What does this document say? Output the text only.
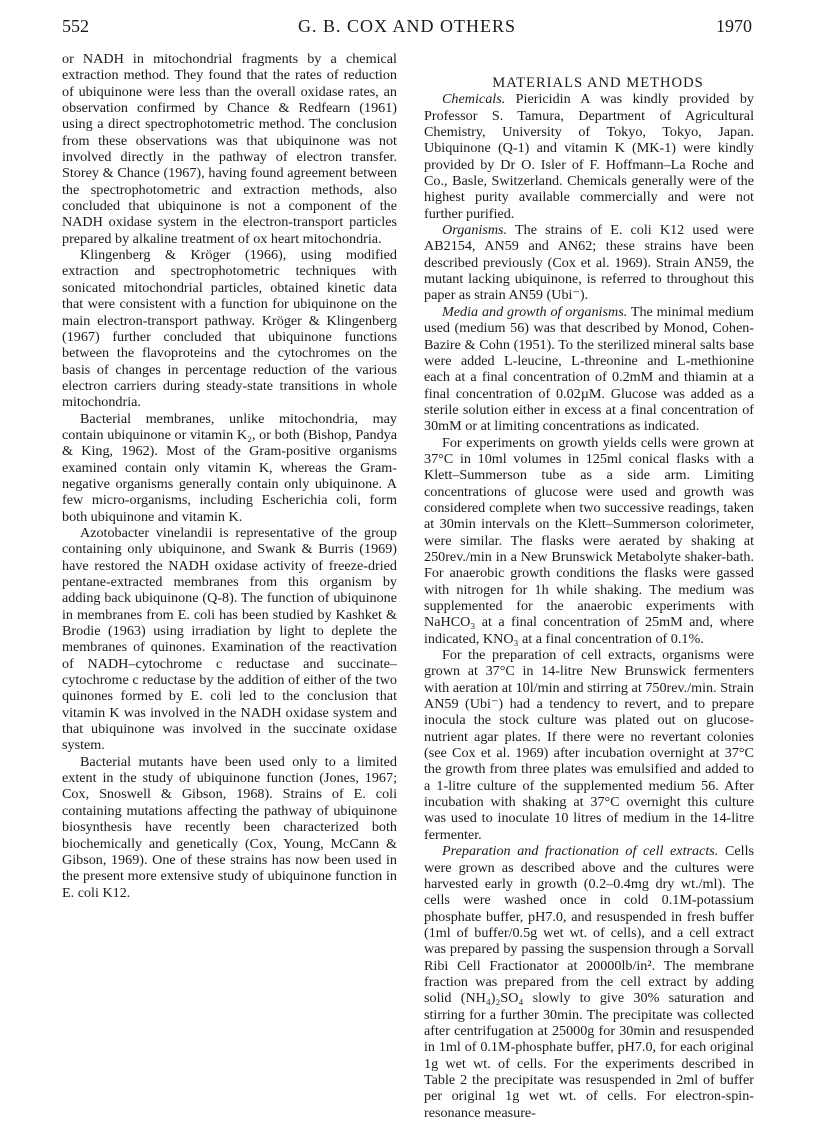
552	G. B. COX AND OTHERS	1970

or NADH in mitochondrial fragments by a chemical extraction method. They found that the rates of reduction of ubiquinone were less than the overall oxidase rates, an observation confirmed by Chance & Redfearn (1961) using a direct spectrophotometric method. The conclusion from these observations was that ubiquinone was not involved directly in the pathway of electron transfer. Storey & Chance (1967), having found agreement between the spectrophotometric and extraction methods, also concluded that ubiquinone is not a component of the NADH oxidase system in the electron-transport particles prepared by alkaline treatment of ox heart mitochondria.

Klingenberg & Kröger (1966), using modified extraction and spectrophotometric techniques with sonicated mitochondrial particles, obtained kinetic data that were consistent with a function for ubiquinone on the main electron-transport pathway. Kröger & Klingenberg (1967) further concluded that ubiquinone functions between the flavoproteins and the cytochromes on the basis of changes in percentage reduction of the various electron carriers during steady-state transitions in whole mitochondria.

Bacterial membranes, unlike mitochondria, may contain ubiquinone or vitamin K₂, or both (Bishop, Pandya & King, 1962). Most of the Gram-positive organisms examined contain only vitamin K, whereas the Gram-negative organisms generally contain only ubiquinone. A few micro-organisms, including Escherichia coli, form both ubiquinone and vitamin K.

Azotobacter vinelandii is representative of the group containing only ubiquinone, and Swank & Burris (1969) have restored the NADH oxidase activity of freeze-dried pentane-extracted membranes from this organism by adding back ubiquinone (Q-8). The function of ubiquinone in membranes from E. coli has been studied by Kashket & Brodie (1963) using irradiation by light to deplete the membranes of quinones. Examination of the reactivation of NADH–cytochrome c reductase and succinate–cytochrome c reductase by the addition of either of the two quinones formed by E. coli led to the conclusion that vitamin K was involved in the NADH oxidase system and that ubiquinone was involved in the succinate oxidase system.

Bacterial mutants have been used only to a limited extent in the study of ubiquinone function (Jones, 1967; Cox, Snoswell & Gibson, 1968). Strains of E. coli containing mutations affecting the pathway of ubiquinone biosynthesis have recently been characterized both biochemically and genetically (Cox, Young, McCann & Gibson, 1969). One of these strains has now been used in the present more extensive study of ubiquinone function in E. coli K12.

MATERIALS AND METHODS

Chemicals. Piericidin A was kindly provided by Professor S. Tamura, Department of Agricultural Chemistry, University of Tokyo, Tokyo, Japan. Ubiquinone (Q-1) and vitamin K (MK-1) were kindly provided by Dr O. Isler of F. Hoffmann–La Roche and Co., Basle, Switzerland. Chemicals generally were of the highest purity available commercially and were not further purified.

Organisms. The strains of E. coli K12 used were AB2154, AN59 and AN62; these strains have been described previously (Cox et al. 1969). Strain AN59, the mutant lacking ubiquinone, is referred to throughout this paper as strain AN59 (Ubi⁻).

Media and growth of organisms. The minimal medium used (medium 56) was that described by Monod, Cohen-Bazire & Cohn (1951). To the sterilized mineral salts base were added L-leucine, L-threonine and L-methionine each at a final concentration of 0.2mM and thiamin at a final concentration of 0.02µM. Glucose was added as a sterile solution either in excess at a final concentration of 30mM or at limiting concentrations as indicated.

For experiments on growth yields cells were grown at 37°C in 10ml volumes in 125ml conical flasks with a Klett–Summerson tube as a side arm. Limiting concentrations of glucose were used and growth was considered complete when two successive readings, taken at 30min intervals on the Klett–Summerson colorimeter, were similar. The flasks were aerated by shaking at 250rev./min in a New Brunswick Metabolyte shaker-bath. For anaerobic growth conditions the flasks were gassed with nitrogen for 1h while shaking. The medium was supplemented for the anaerobic experiments with NaHCO₃ at a final concentration of 25mM and, where indicated, KNO₃ at a final concentration of 0.1%.

For the preparation of cell extracts, organisms were grown at 37°C in 14-litre New Brunswick fermenters with aeration at 10l/min and stirring at 750rev./min. Strain AN59 (Ubi⁻) had a tendency to revert, and to prepare inocula the stock culture was plated out on glucose-nutrient agar plates. If there were no revertant colonies (see Cox et al. 1969) after incubation overnight at 37°C the growth from three plates was emulsified and added to a 1-litre culture of the supplemented medium 56. After incubation with shaking at 37°C overnight this culture was used to inoculate 10 litres of medium in the 14-litre fermenter.

Preparation and fractionation of cell extracts. Cells were grown as described above and the cultures were harvested early in growth (0.2–0.4mg dry wt./ml). The cells were washed once in cold 0.1M-potassium phosphate buffer, pH7.0, and resuspended in fresh buffer (1ml of buffer/0.5g wet wt. of cells), and a cell extract was prepared by passing the suspension through a Sorvall Ribi Cell Fractionator at 20000lb/in². The membrane fraction was prepared from the cell extract by adding solid (NH₄)₂SO₄ slowly to give 30% saturation and stirring for a further 30min. The precipitate was collected after centrifugation at 25000g for 30min and resuspended in 1ml of 0.1M-phosphate buffer, pH7.0, for each original 1g wet wt. of cells. For the experiments described in Table 2 the precipitate was resuspended in 2ml of buffer per original 1g wet wt. of cells. For electron-spin-resonance measure-
